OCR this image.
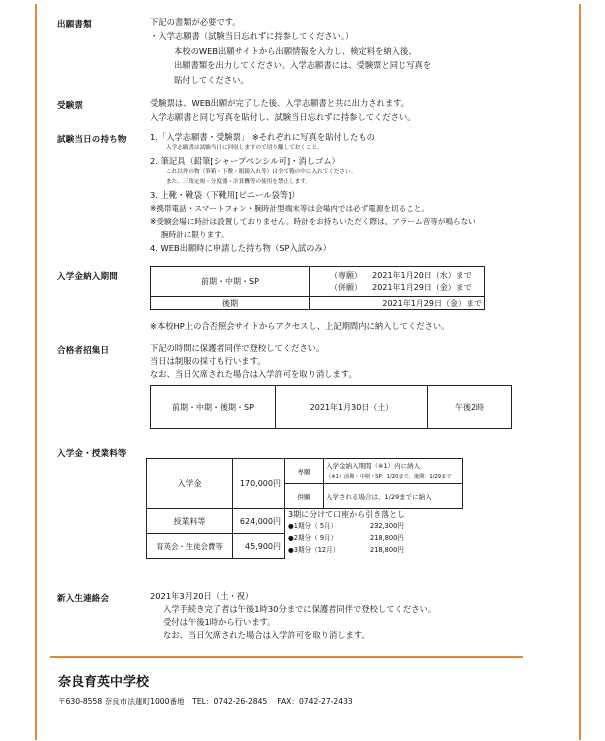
出願書類	下記の書類が必要です。
・入学志願書（試験当日忘れずに持参してください。）
本校のWEB出願サイトから出願情報を入力し、検定料を納入後、
出願書類を出力してください。入学志願書には、受験票と同じ写真を
貼付してください。
受験票	受験票は、WEB出願が完了した後、入学志願書と共に出力されます。
入学志願書と同じ写真を貼付し、試験当日忘れずに持参してください。
試験当日の持ち物	1.「入学志願書・受験票」 ※それぞれに写真を貼付したもの
入学志願書は試験当日に回収しますので切り離しておくこと。
2. 筆記具（鉛筆[シャープペンシル可]・消しゴム）
これ以外の物（筆箱・下敷・眼鏡入れ等）は全て鞄の中に入れてください。
また、三角定規・分度器・計算機等の使用を禁止します。
3. 上靴・靴袋（下靴用[ビニール袋等]）
※携帯電話・スマートフォン・腕時計型端末等は会場内では必ず電源を切ること。
※受験会場に時計は設置しておりません。時計をお持ちいただく際は、アラーム音等が鳴らない
腕時計に限ります。
4. WEB出願時に申請した持ち物（SP入試のみ）
入学金納入期間	前期・中期・SP	（専願） 2021年1月20日（水）まで
（併願） 2021年1月29日（金）まで
後期	2021年1月29日（金）まで
※本校HP上の合否照会サイトからアクセスし、上記期間内に納入してください。
合格者招集日	下記の時間に保護者同伴で登校してください。
当日は制服の採寸も行います。
なお、当日欠席された場合は入学許可を取り消します。
前期・中期・後期・SP	2021年1月30日（土）	午後2時
入学金・授業料等
入学金	170,000円	専願	入学金納入期間（※1）内に納入
（※1）前期・中期・SP：1/20まで、後期：1/29まで
		併願	入学される場合は、1/29までに納入
授業料等	624,000円	3期に分けて口座から引き落とし
●1期分（ 5月） 232,300円
●2期分（ 9月） 218,800円
●3期分（12月） 218,800円	

育英会・生徒会費等	45,900円		
新入生連絡会	2021年3月20日（土・祝）
入学手続き完了者は午後1時30分までに保護者同伴で登校してください。
受付は午後1時から行います。
なお、当日欠席された場合は入学許可を取り消します。
奈良育英中学校
〒630-8558 奈良市法蓮町1000番地　TEL：0742-26-2845　 FAX：0742-27-2433
